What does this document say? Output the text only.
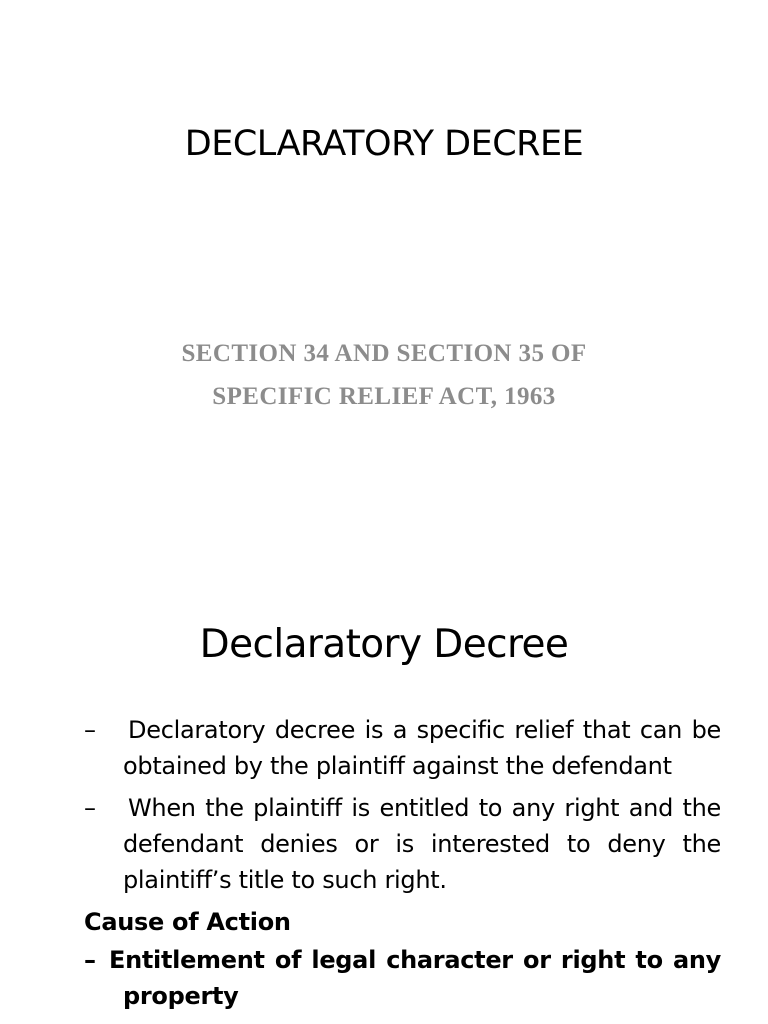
DECLARATORY DECREE
SECTION 34 AND SECTION 35 OF
SPECIFIC RELIEF ACT, 1963
Declaratory Decree
–	Declaratory decree is a specific relief that can be obtained by the plaintiff against the defendant
–	When the plaintiff is entitled to any right and the defendant denies or is interested to deny the plaintiff’s title to such right.
Cause of Action
– Entitlement of legal character or right to any property
